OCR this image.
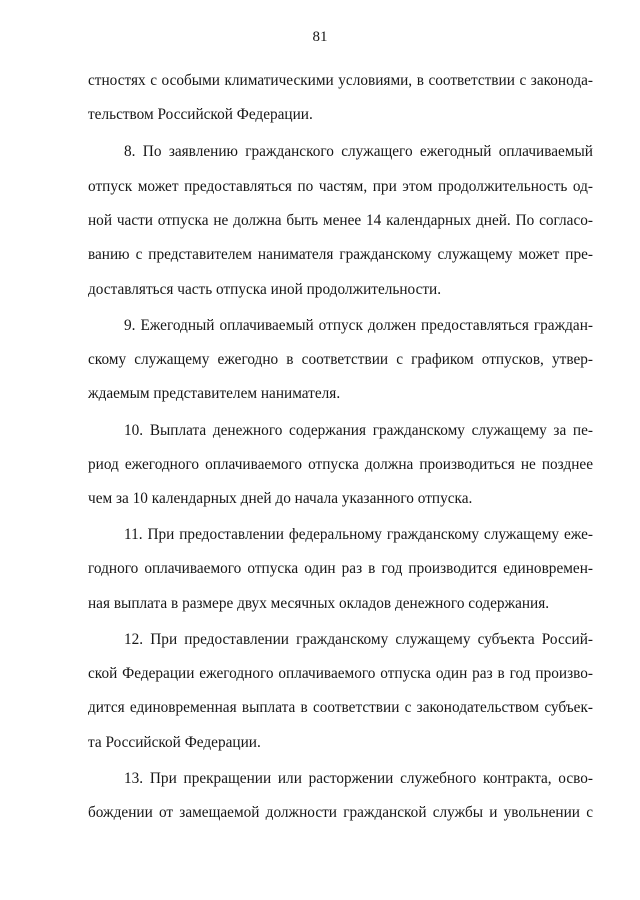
81
стностях с особыми климатическими условиями, в соответствии с законода-
тельством Российской Федерации.
8. По заявлению гражданского служащего ежегодный оплачиваемый
отпуск может предоставляться по частям, при этом продолжительность од-
ной части отпуска не должна быть менее 14 календарных дней. По согласо-
ванию с представителем нанимателя гражданскому служащему может пре-
доставляться часть отпуска иной продолжительности.
9. Ежегодный оплачиваемый отпуск должен предоставляться граждан-
скому служащему ежегодно в соответствии с графиком отпусков, утвер-
ждаемым представителем нанимателя.
10. Выплата денежного содержания гражданскому служащему за пе-
риод ежегодного оплачиваемого отпуска должна производиться не позднее
чем за 10 календарных дней до начала указанного отпуска.
11. При предоставлении федеральному гражданскому служащему еже-
годного оплачиваемого отпуска один раз в год производится единовремен-
ная выплата в размере двух месячных окладов денежного содержания.
12. При предоставлении гражданскому служащему субъекта Россий-
ской Федерации ежегодного оплачиваемого отпуска один раз в год произво-
дится единовременная выплата в соответствии с законодательством субъек-
та Российской Федерации.
13. При прекращении или расторжении служебного контракта, осво-
бождении от замещаемой должности гражданской службы и увольнении с
